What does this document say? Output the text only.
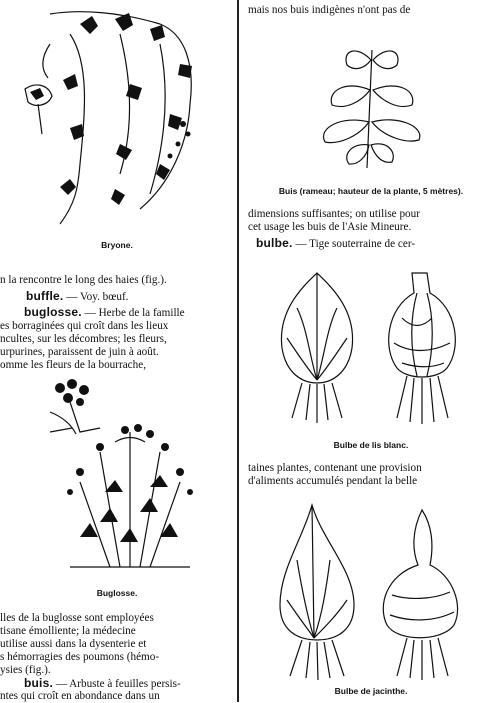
Bryone.
n la rencontre le long des haies (fig.).
buffle. — Voy. bœuf.
buglosse. — Herbe de la famille
es borraginées qui croît dans les lieux
ncultes, sur les décombres; les fleurs,
urpurines, paraissent de juin à août.
omme les fleurs de la bourrache,
Buglosse.
lles de la buglosse sont employées
tisane émolliente; la médecine
utilise aussi dans la dysenterie et
s hémorragies des poumons (hémo-
ysies (fig.).
buis. — Arbuste à feuilles persis-
ntes qui croît en abondance dans un
mais nos buis indigènes n'ont pas de
Buis (rameau; hauteur de la plante, 5 mètres).
dimensions suffisantes; on utilise pour
cet usage les buis de l'Asie Mineure.
bulbe. — Tige souterraine de cer-
Bulbe de lis blanc.
taines plantes, contenant une provision
d'aliments accumulés pendant la belle
Bulbe de jacinthe.
